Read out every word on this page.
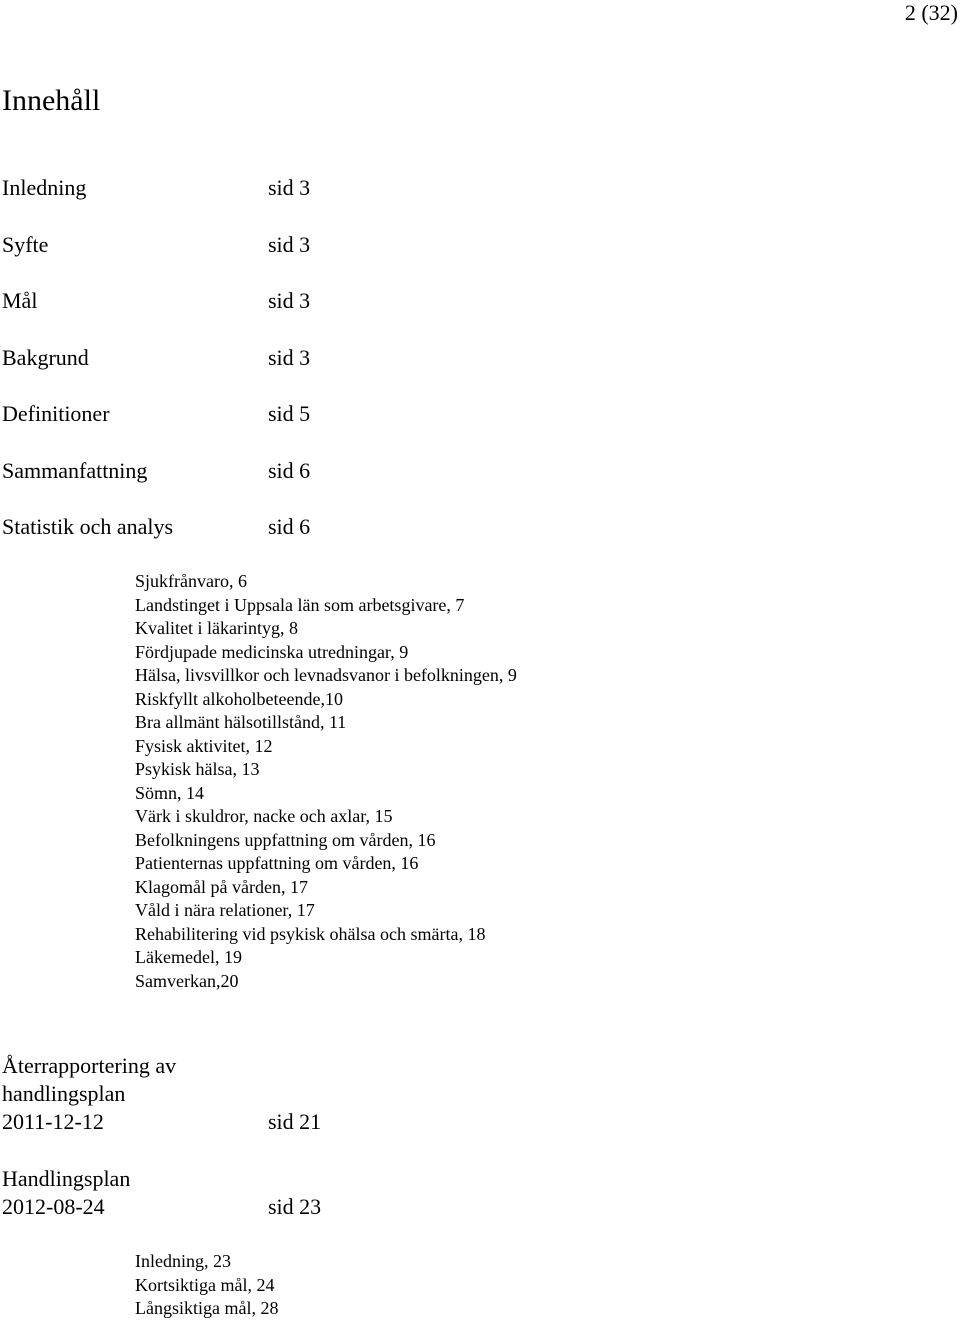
2 (32)
Innehåll
Inledning	sid 3
Syfte	sid 3
Mål	sid 3
Bakgrund	sid 3
Definitioner	sid 5
Sammanfattning	sid 6
Statistik och analys	sid 6
Sjukfrånvaro, 6
Landstinget i Uppsala län som arbetsgivare, 7
Kvalitet i läkarintyg, 8
Fördjupade medicinska utredningar, 9
Hälsa, livsvillkor och levnadsvanor i befolkningen, 9
Riskfyllt alkoholbeteende,10
Bra allmänt hälsotillstånd, 11
Fysisk aktivitet, 12
Psykisk hälsa, 13
Sömn, 14
Värk i skuldror, nacke och axlar, 15
Befolkningens uppfattning om vården, 16
Patienternas uppfattning om vården, 16
Klagomål på vården, 17
Våld i nära relationer, 17
Rehabilitering vid psykisk ohälsa och smärta, 18
Läkemedel, 19
Samverkan,20
Återrapportering av
handlingsplan
2011-12-12	sid 21
Handlingsplan
2012-08-24	sid 23
Inledning, 23
Kortsiktiga mål, 24
Långsiktiga mål, 28
